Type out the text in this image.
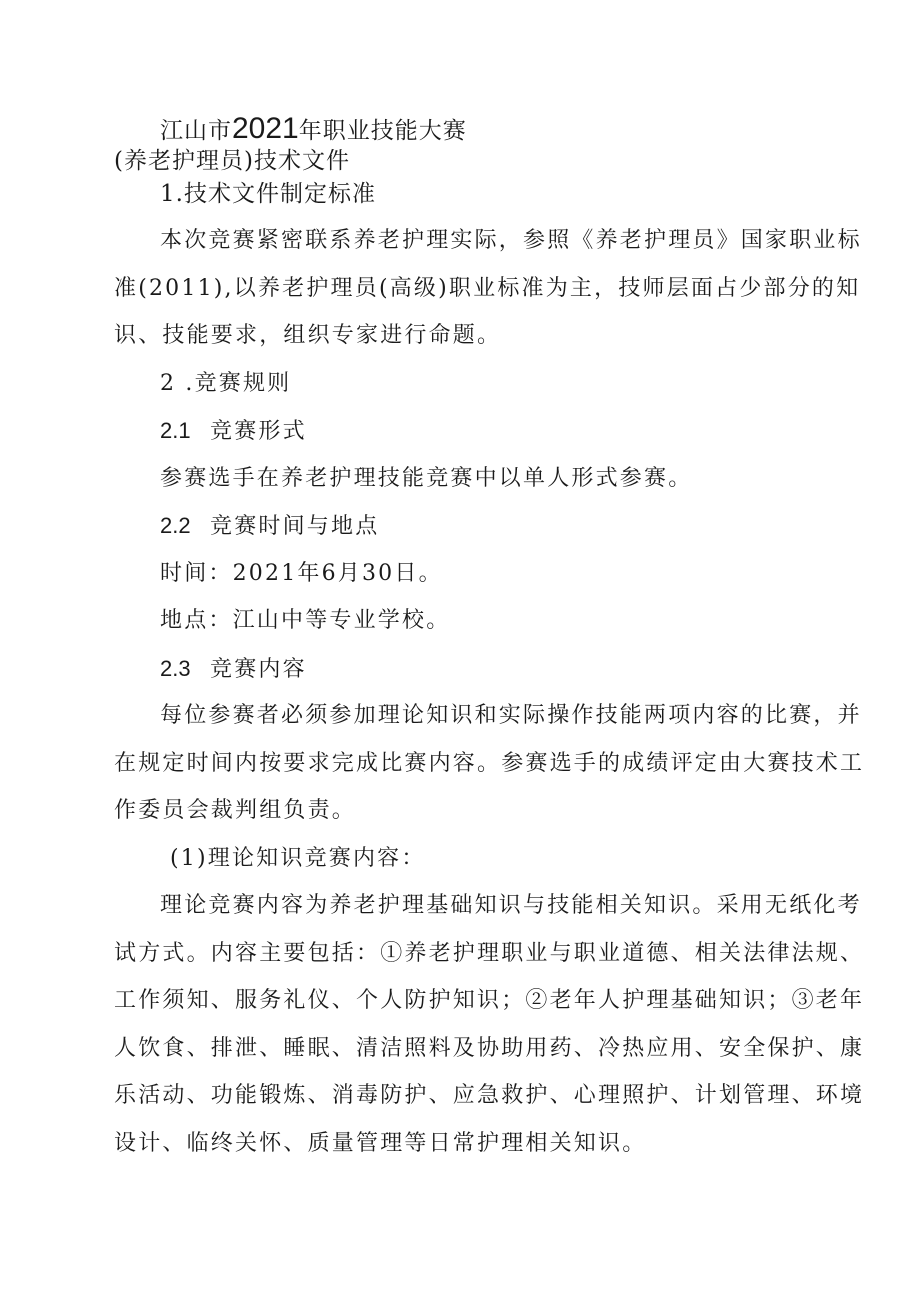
江山市2021年职业技能大赛
(养老护理员)技术文件
1.技术文件制定标准
本次竞赛紧密联系养老护理实际，参照《养老护理员》国家职业标
准(2011),以养老护理员(高级)职业标准为主，技师层面占少部分的知
识、技能要求，组织专家进行命题。
2 .竞赛规则
2.1 竞赛形式
参赛选手在养老护理技能竞赛中以单人形式参赛。
2.2 竞赛时间与地点
时间：2021年6月30日。
地点：江山中等专业学校。
2.3 竞赛内容
每位参赛者必须参加理论知识和实际操作技能两项内容的比赛，并
在规定时间内按要求完成比赛内容。参赛选手的成绩评定由大赛技术工
作委员会裁判组负责。
(1)理论知识竞赛内容：
理论竞赛内容为养老护理基础知识与技能相关知识。采用无纸化考
试方式。内容主要包括：①养老护理职业与职业道德、相关法律法规、
工作须知、服务礼仪、个人防护知识；②老年人护理基础知识；③老年
人饮食、排泄、睡眠、清洁照料及协助用药、冷热应用、安全保护、康
乐活动、功能锻炼、消毒防护、应急救护、心理照护、计划管理、环境
设计、临终关怀、质量管理等日常护理相关知识。
